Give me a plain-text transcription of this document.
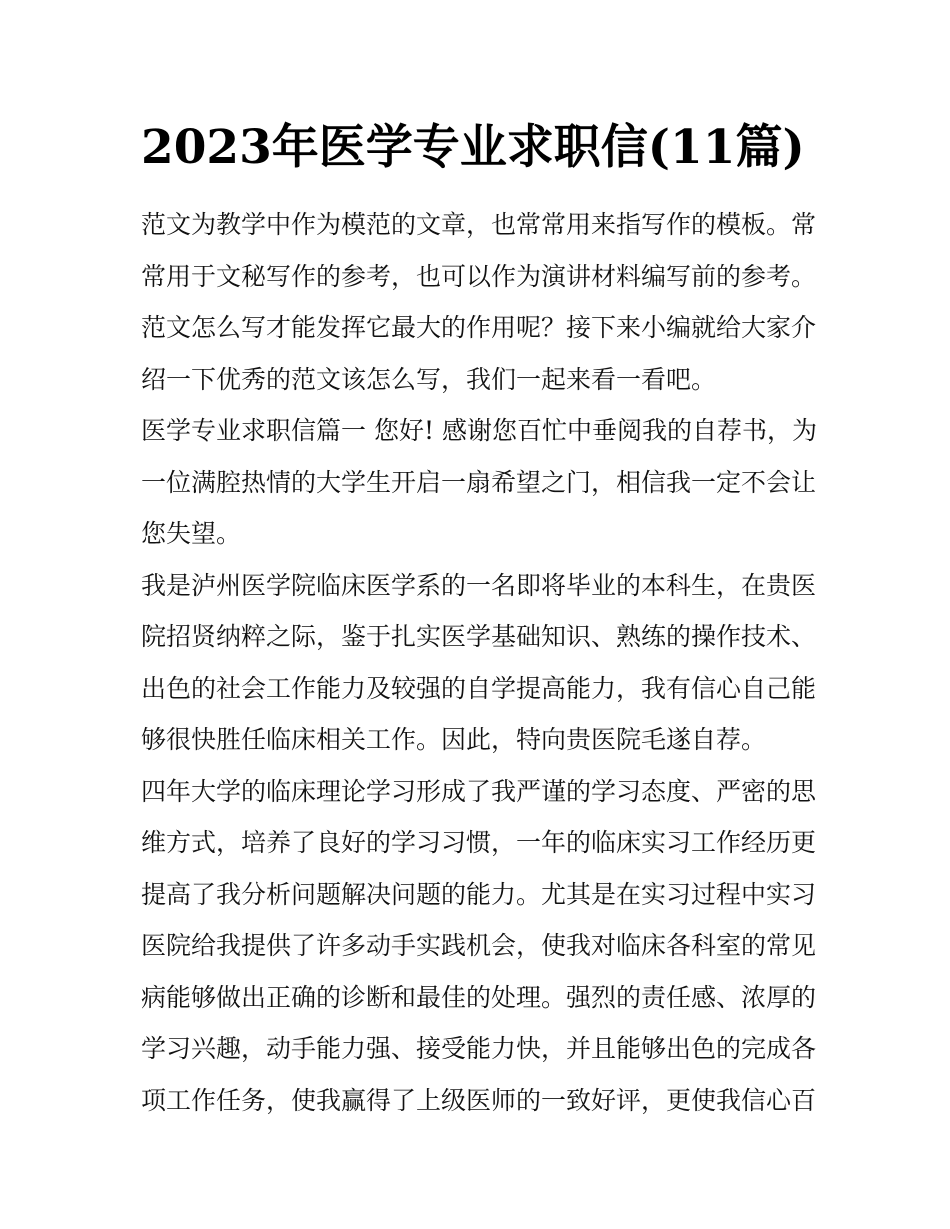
2023年医学专业求职信(11篇)
范文为教学中作为模范的文章，也常常用来指写作的模板。常
常用于文秘写作的参考，也可以作为演讲材料编写前的参考。
范文怎么写才能发挥它最大的作用呢？接下来小编就给大家介
绍一下优秀的范文该怎么写，我们一起来看一看吧。
医学专业求职信篇一 您好! 感谢您百忙中垂阅我的自荐书，为
一位满腔热情的大学生开启一扇希望之门，相信我一定不会让
您失望。
我是泸州医学院临床医学系的一名即将毕业的本科生，在贵医
院招贤纳粹之际，鉴于扎实医学基础知识、熟练的操作技术、
出色的社会工作能力及较强的自学提高能力，我有信心自己能
够很快胜任临床相关工作。因此，特向贵医院毛遂自荐。
四年大学的临床理论学习形成了我严谨的学习态度、严密的思
维方式，培养了良好的学习习惯，一年的临床实习工作经历更
提高了我分析问题解决问题的能力。尤其是在实习过程中实习
医院给我提供了许多动手实践机会，使我对临床各科室的常见
病能够做出正确的诊断和最佳的处理。强烈的责任感、浓厚的
学习兴趣，动手能力强、接受能力快，并且能够出色的完成各
项工作任务，使我赢得了上级医师的一致好评，更使我信心百
